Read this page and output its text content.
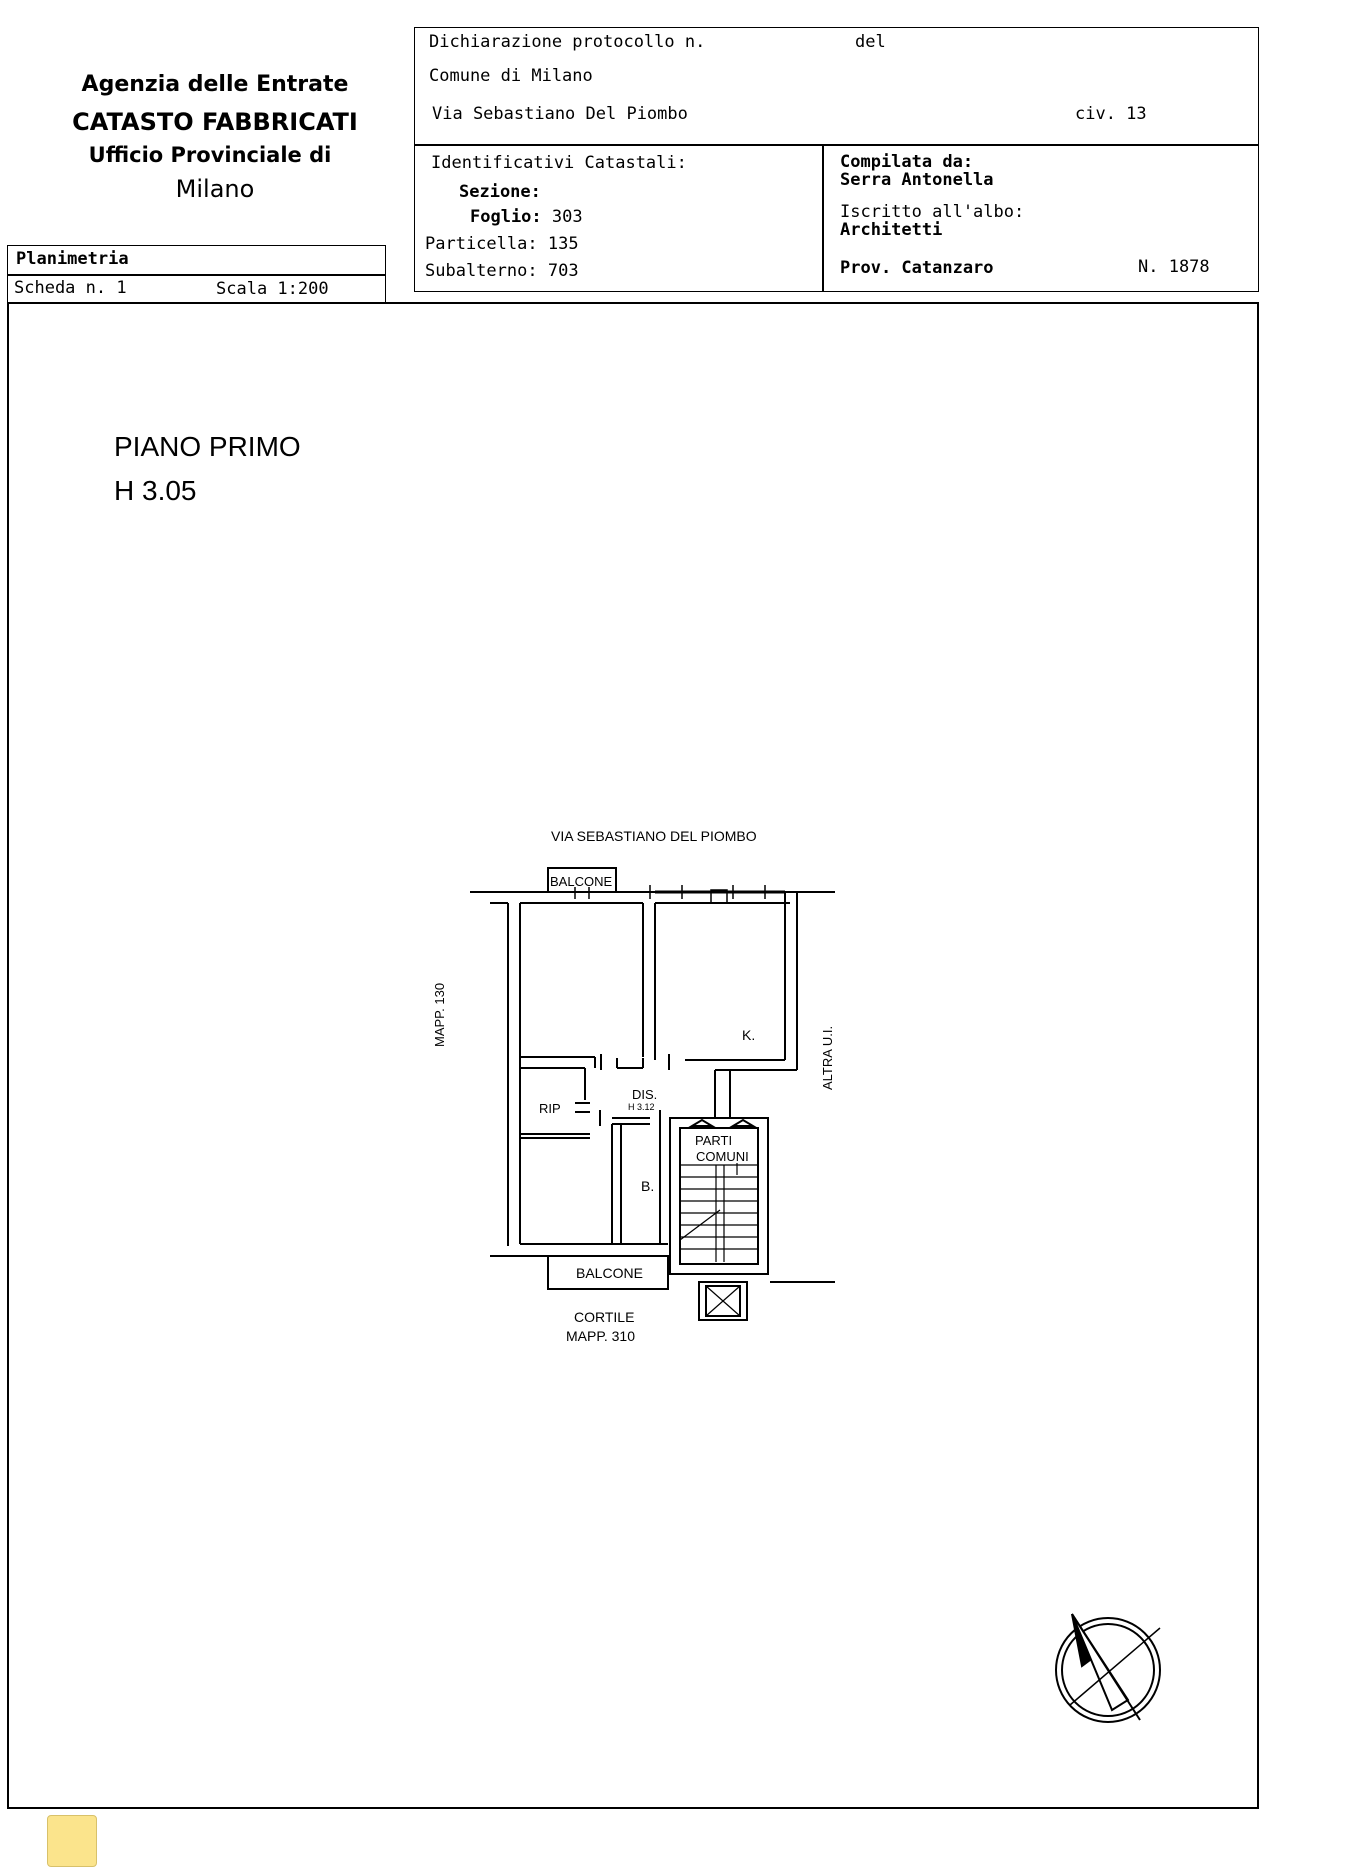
Agenzia delle Entrate
CATASTO FABBRICATI
Ufficio Provinciale di
Milano
Dichiarazione protocollo n.	del
Comune di Milano
Via Sebastiano Del Piombo	civ. 13
Identificativi Catastali:
Sezione:
Foglio: 303
Particella: 135
Subalterno: 703
Compilata da:
Serra Antonella
Iscritto all'albo:
Architetti
Prov. Catanzaro	N. 1878
Planimetria
Scheda n. 1	Scala 1:200
PIANO PRIMO
H 3.05
VIA SEBASTIANO DEL PIOMBO
BALCONE
K.
RIP
DIS.
H 3.12
B.
PARTI
COMUNI
BALCONE
MAPP. 130
ALTRA U.I.
CORTILE
MAPP. 310
